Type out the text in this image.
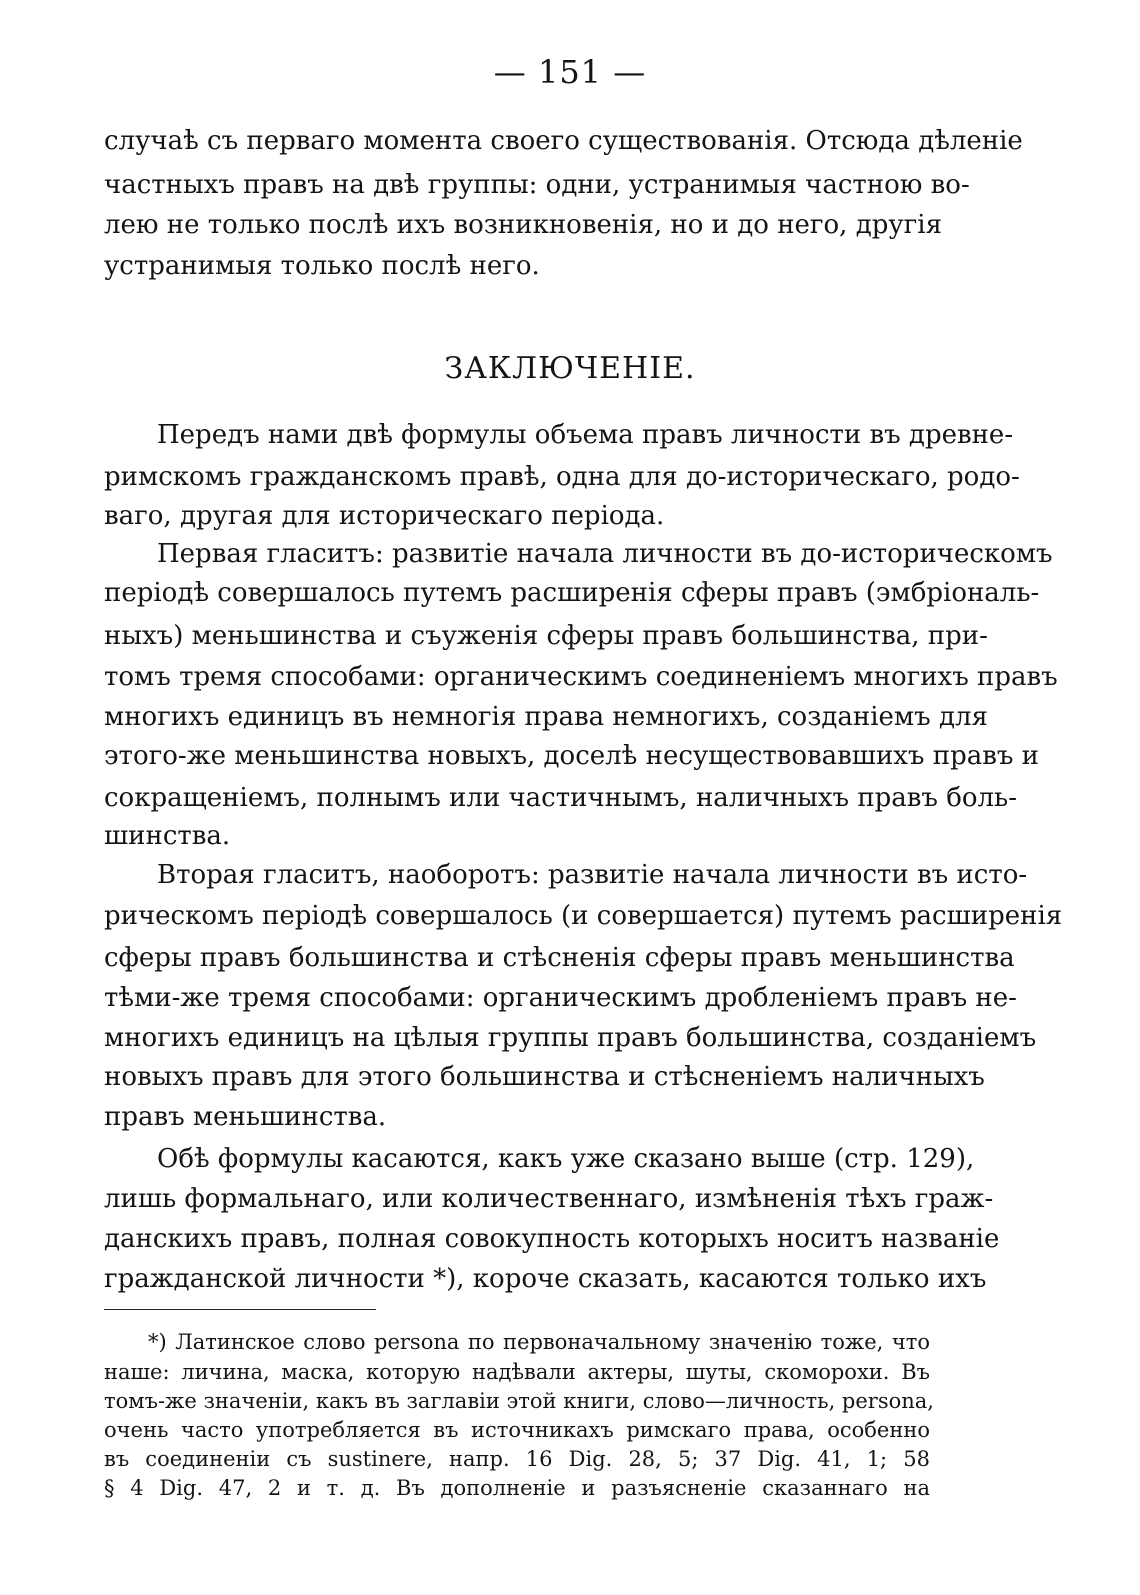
— 151 —
случаѣ съ перваго момента своего существованія. Отсюда дѣленіе
частныхъ правъ на двѣ группы: одни, устранимыя частною во-
лею не только послѣ ихъ возникновенія, но и до него, другія
устранимыя только послѣ него.
ЗАКЛЮЧЕНІЕ.
Передъ нами двѣ формулы объема правъ личности въ древне-
римскомъ гражданскомъ правѣ, одна для до-историческаго, родо-
ваго, другая для историческаго періода.
Первая гласитъ: развитіе начала личности въ до-историческомъ
періодѣ совершалось путемъ расширенія сферы правъ (эмбріональ-
ныхъ) меньшинства и съуженія сферы правъ большинства, при-
томъ тремя способами: органическимъ соединеніемъ многихъ правъ
многихъ единицъ въ немногія права немногихъ, созданіемъ для
этого-же меньшинства новыхъ, доселѣ несуществовавшихъ правъ и
сокращеніемъ, полнымъ или частичнымъ, наличныхъ правъ боль-
шинства.
Вторая гласитъ, наоборотъ: развитіе начала личности въ исто-
рическомъ періодѣ совершалось (и совершается) путемъ расширенія
сферы правъ большинства и стѣсненія сферы правъ меньшинства
тѣми-же тремя способами: органическимъ дробленіемъ правъ не-
многихъ единицъ на цѣлыя группы правъ большинства, созданіемъ
новыхъ правъ для этого большинства и стѣсненіемъ наличныхъ
правъ меньшинства.
Обѣ формулы касаются, какъ уже сказано выше (стр. 129),
лишь формальнаго, или количественнаго, измѣненія тѣхъ граж-
данскихъ правъ, полная совокупность которыхъ носитъ названіе
гражданской личности *), короче сказать, касаются только ихъ
*) Латинское слово persona по первоначальному значенію тоже, что
наше: личина, маска, которую надѣвали актеры, шуты, скоморохи. Въ
томъ-же значеніи, какъ въ заглавіи этой книги, слово—личность, persona,
очень часто употребляется въ источникахъ римскаго права, особенно
въ соединеніи съ sustinere, напр. 16 Dig. 28, 5; 37 Dig. 41, 1; 58
§ 4 Dig. 47, 2 и т. д. Въ дополненіе и разъясненіе сказаннаго на
